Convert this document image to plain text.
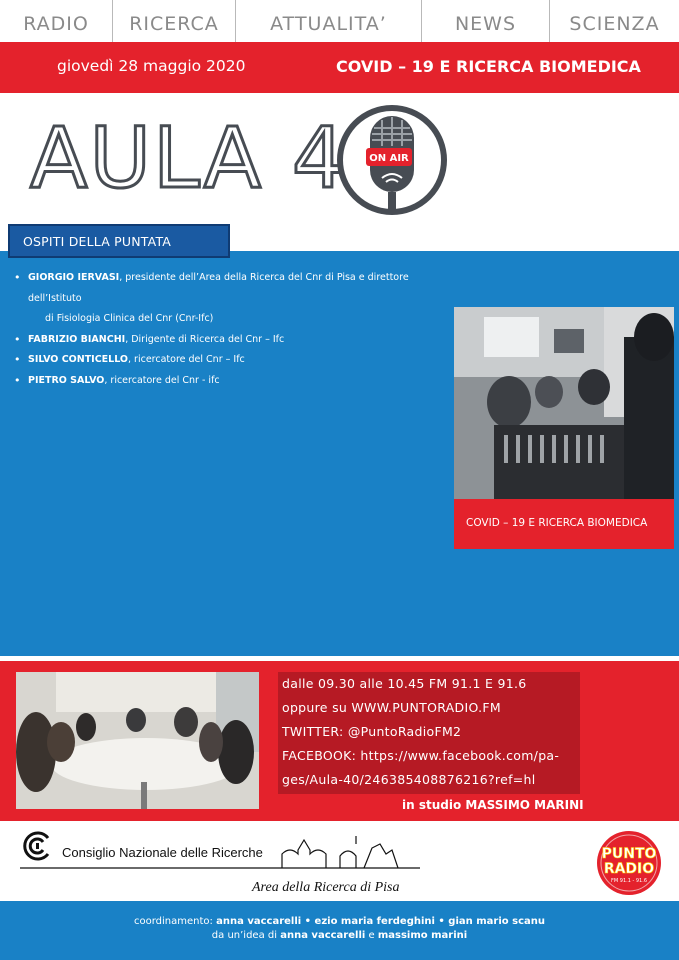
RADIO	RICERCA	ATTUALITA’	NEWS	SCIENZA
giovedì 28 maggio 2020	COVID – 19 E RICERCA BIOMEDICA
AULA 4 ON AIR
OSPITI DELLA PUNTATA
• GIORGIO IERVASI, presidente dell’Area della Ricerca del Cnr di Pisa e direttore dell’Istituto
di Fisiologia Clinica del Cnr (Cnr-Ifc)
• FABRIZIO BIANCHI, Dirigente di Ricerca del Cnr – Ifc
• SILVO CONTICELLO, ricercatore del Cnr – Ifc
• PIETRO SALVO, ricercatore del Cnr - ifc
COVID – 19 E RICERCA BIOMEDICA
dalle 09.30 alle 10.45 FM 91.1 E 91.6
oppure su WWW.PUNTORADIO.FM
TWITTER: @PuntoRadioFM2
FACEBOOK: https://www.facebook.com/pa-
ges/Aula-40/246385408876216?ref=hl
in studio MASSIMO MARINI
Consiglio Nazionale delle Ricerche
Area della Ricerca di Pisa
PUNTO
RADIO
FM 91.1 - 91.6
coordinamento: anna vaccarelli • ezio maria ferdeghini • gian mario scanu
da un’idea di anna vaccarelli e massimo marini
